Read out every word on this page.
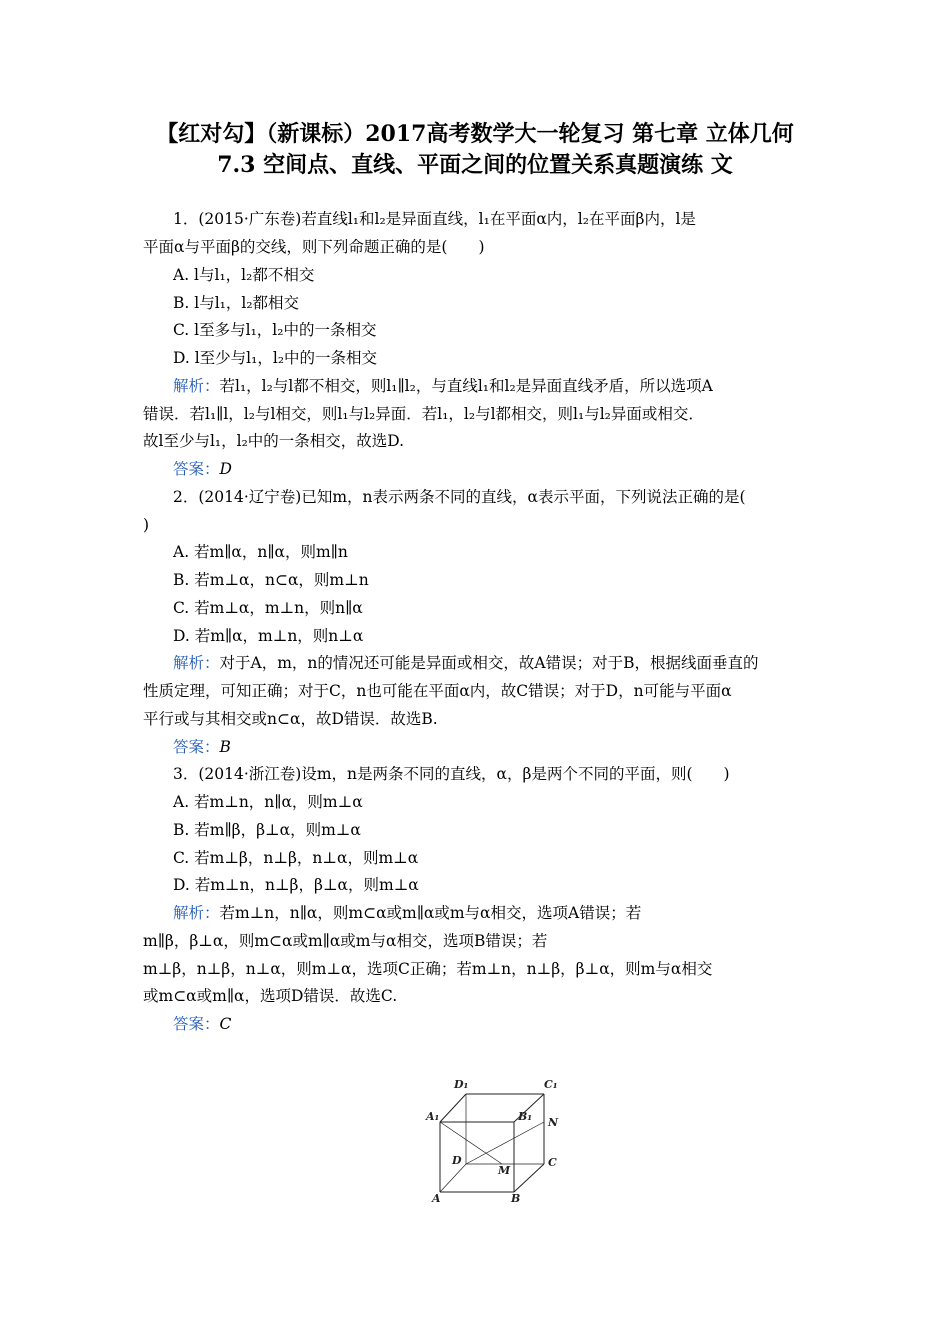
【红对勾】（新课标）2017高考数学大一轮复习 第七章 立体几何
7.3 空间点、直线、平面之间的位置关系真题演练 文
1．(2015·广东卷)若直线l₁和l₂是异面直线，l₁在平面α内，l₂在平面β内，l是
平面α与平面β的交线，则下列命题正确的是(　　)
A. l与l₁，l₂都不相交
B. l与l₁，l₂都相交
C. l至多与l₁，l₂中的一条相交
D. l至少与l₁，l₂中的一条相交
解析：若l₁，l₂与l都不相交，则l₁∥l₂，与直线l₁和l₂是异面直线矛盾，所以选项A
错误．若l₁∥l，l₂与l相交，则l₁与l₂异面．若l₁，l₂与l都相交，则l₁与l₂异面或相交．
故l至少与l₁，l₂中的一条相交，故选D.
答案：D
2．(2014·辽宁卷)已知m，n表示两条不同的直线，α表示平面，下列说法正确的是(
)
A. 若m∥α，n∥α，则m∥n
B. 若m⊥α，n⊂α，则m⊥n
C. 若m⊥α，m⊥n，则n∥α
D. 若m∥α，m⊥n，则n⊥α
解析：对于A，m，n的情况还可能是异面或相交，故A错误；对于B，根据线面垂直的
性质定理，可知正确；对于C，n也可能在平面α内，故C错误；对于D，n可能与平面α
平行或与其相交或n⊂α，故D错误．故选B.
答案：B
3．(2014·浙江卷)设m，n是两条不同的直线，α，β是两个不同的平面，则(　　)
A. 若m⊥n，n∥α，则m⊥α
B. 若m∥β，β⊥α，则m⊥α
C. 若m⊥β，n⊥β，n⊥α，则m⊥α
D. 若m⊥n，n⊥β，β⊥α，则m⊥α
解析：若m⊥n，n∥α，则m⊂α或m∥α或m与α相交，选项A错误；若
m∥β，β⊥α，则m⊂α或m∥α或m与α相交，选项B错误；若
m⊥β，n⊥β，n⊥α，则m⊥α，选项C正确；若m⊥n，n⊥β，β⊥α，则m与α相交
或m⊂α或m∥α，选项D错误．故选C.
答案：C
D₁	C₁
A₁	B₁ N
D
M
C
A	B
